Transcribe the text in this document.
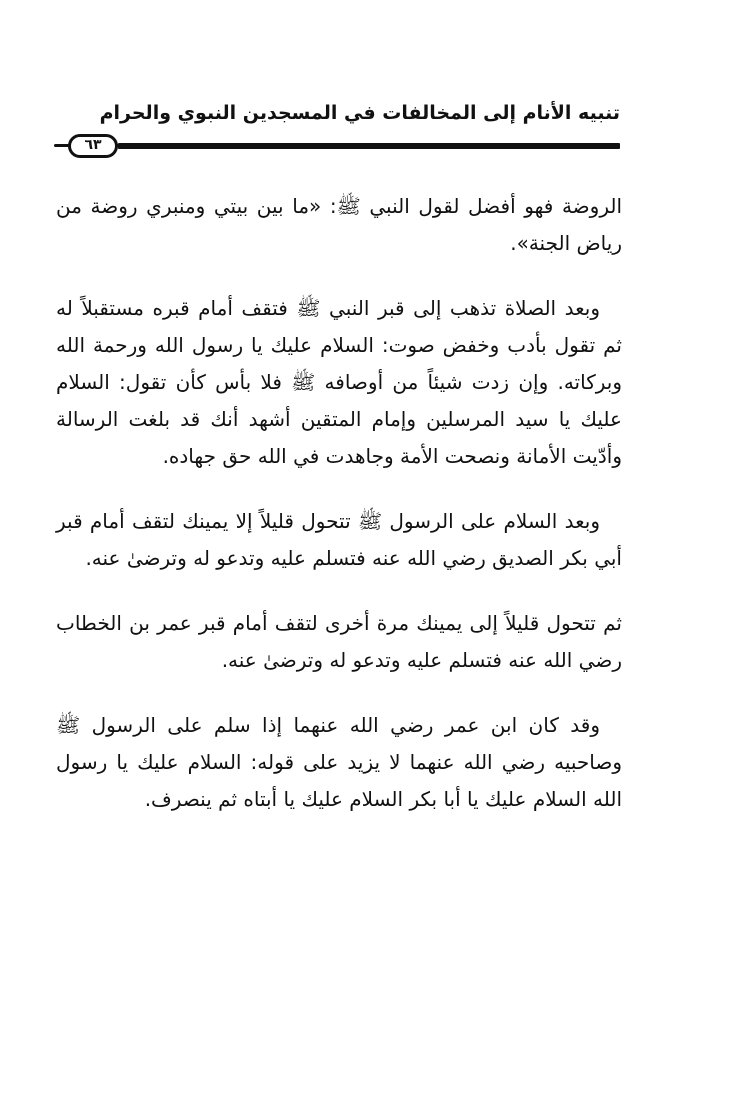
تنبيه الأنام إلى المخالفات في المسجدين النبوي والحرام
٦٣

الروضة فهو أفضل لقول النبي ﷺ: «ما بين بيتي ومنبري روضة من رياض الجنة».

وبعد الصلاة تذهب إلى قبر النبي ﷺ فتقف أمام قبره مستقبلاً له ثم تقول بأدب وخفض صوت: السلام عليك يا رسول الله ورحمة الله وبركاته. وإن زدت شيئاً من أوصافه ﷺ فلا بأس كأن تقول: السلام عليك يا سيد المرسلين وإمام المتقين أشهد أنك قد بلغت الرسالة وأدّيت الأمانة ونصحت الأمة وجاهدت في الله حق جهاده.

وبعد السلام على الرسول ﷺ تتحول قليلاً إلا يمينك لتقف أمام قبر أبي بكر الصديق رضي الله عنه فتسلم عليه وتدعو له وترضىٰ عنه.

ثم تتحول قليلاً إلى يمينك مرة أخرى لتقف أمام قبر عمر بن الخطاب رضي الله عنه فتسلم عليه وتدعو له وترضىٰ عنه.

وقد كان ابن عمر رضي الله عنهما إذا سلم على الرسول ﷺ وصاحبيه رضي الله عنهما لا يزيد على قوله: السلام عليك يا رسول الله السلام عليك يا أبا بكر السلام عليك يا أبتاه ثم ينصرف.
